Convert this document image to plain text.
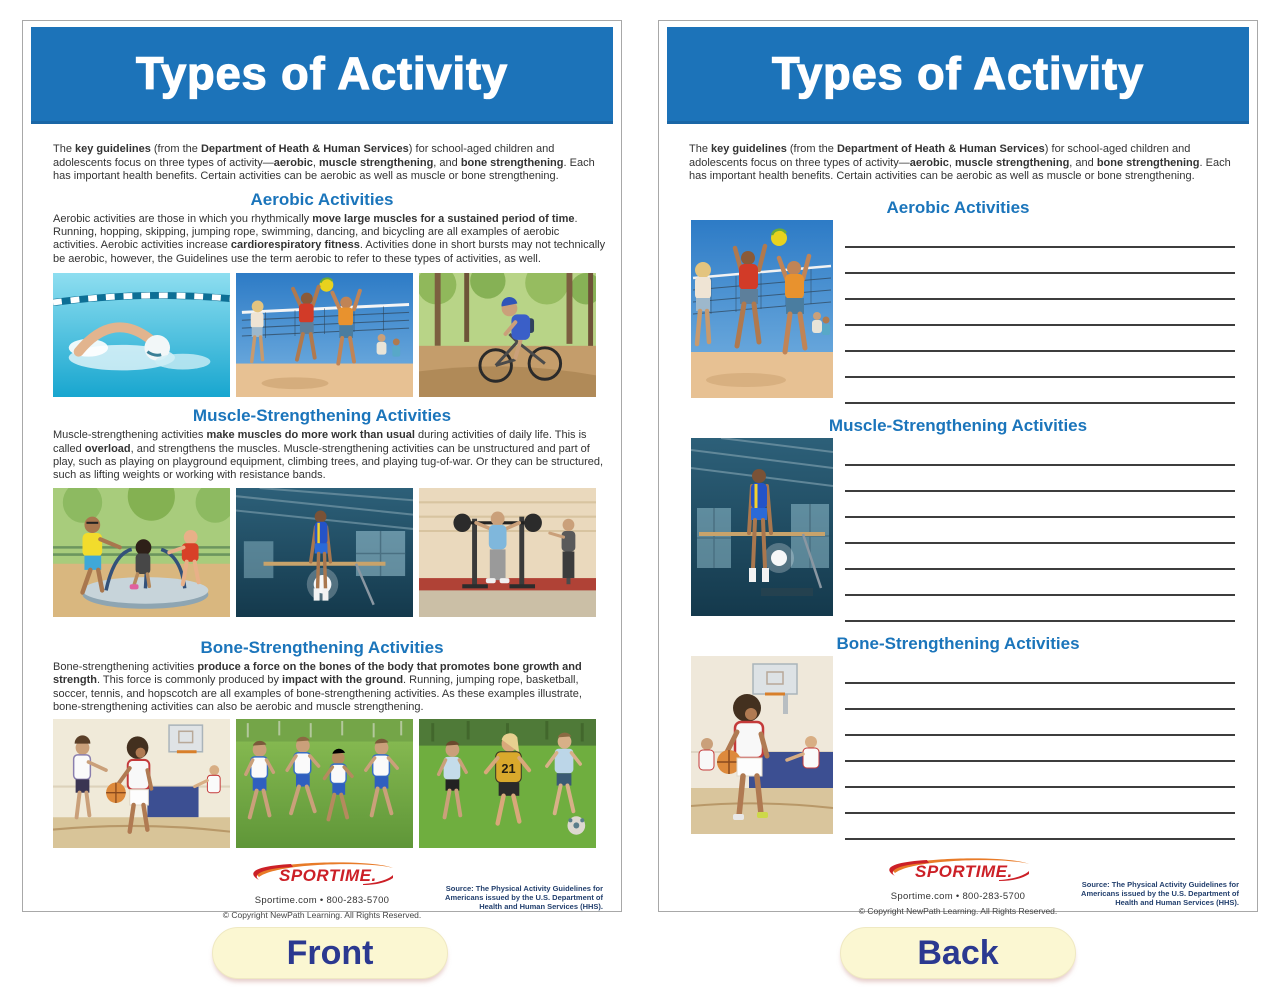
Types of Activity

The key guidelines (from the Department of Heath & Human Services) for school-aged children and adolescents focus on three types of activity—aerobic, muscle strengthening, and bone strengthening. Each has important health benefits. Certain activities can be aerobic as well as muscle or bone strengthening.

Aerobic Activities

Aerobic activities are those in which you rhythmically move large muscles for a sustained period of time. Running, hopping, skipping, jumping rope, swimming, dancing, and bicycling are all examples of aerobic activities. Aerobic activities increase cardiorespiratory fitness. Activities done in short bursts may not technically be aerobic, however, the Guidelines use the term aerobic to refer to these types of activities, as well.

Muscle-Strengthening Activities

Muscle-strengthening activities make muscles do more work than usual during activities of daily life. This is called overload, and strengthens the muscles. Muscle-strengthening activities can be unstructured and part of play, such as playing on playground equipment, climbing trees, and playing tug-of-war. Or they can be structured, such as lifting weights or working with resistance bands.

Bone-Strengthening Activities

Bone-strengthening activities produce a force on the bones of the body that promotes bone growth and strength. This force is commonly produced by impact with the ground. Running, jumping rope, basketball, soccer, tennis, and hopscotch are all examples of bone-strengthening activities. As these examples illustrate, bone-strengthening activities can also be aerobic and muscle strengthening.

21
SPORTIME.
Sportime.com • 800-283-5700
© Copyright NewPath Learning. All Rights Reserved.
Source: The Physical Activity Guidelines for Americans issued by the U.S. Department of Health and Human Services (HHS).
Types of Activity

The key guidelines (from the Department of Heath & Human Services) for school-aged children and adolescents focus on three types of activity—aerobic, muscle strengthening, and bone strengthening. Each has important health benefits. Certain activities can be aerobic as well as muscle or bone strengthening.

Aerobic Activities
Muscle-Strengthening Activities
Bone-Strengthening Activities
SPORTIME.
Sportime.com • 800-283-5700
© Copyright NewPath Learning. All Rights Reserved.
Source: The Physical Activity Guidelines for Americans issued by the U.S. Department of Health and Human Services (HHS).
Front	Back
